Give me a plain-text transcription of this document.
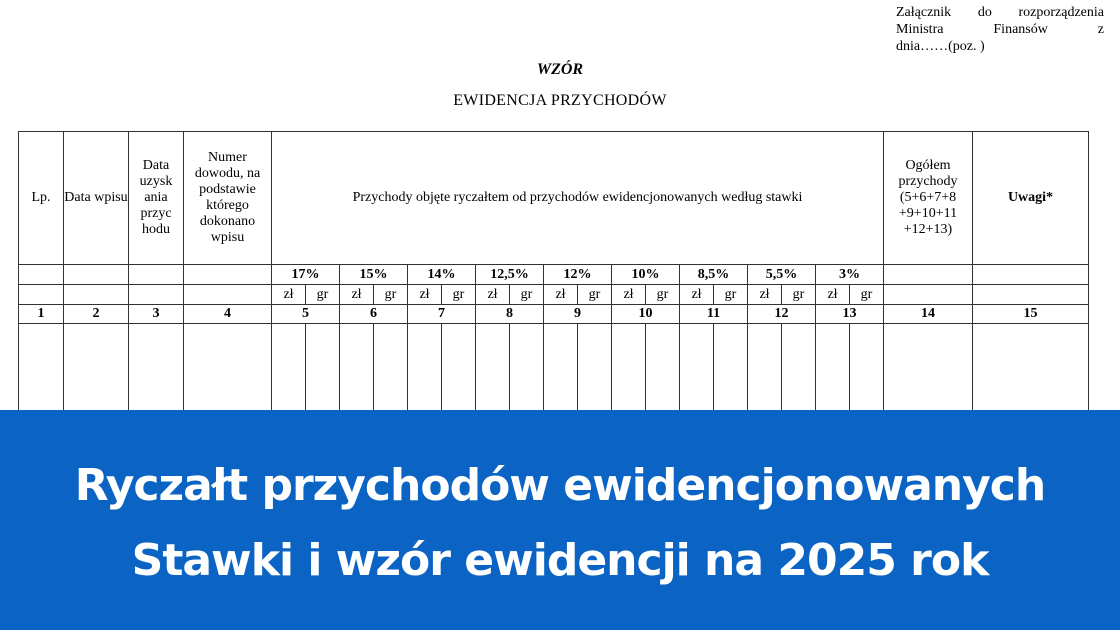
Załącznik do rozporządzenia
Ministra Finansów z
dnia……(poz. )
WZÓR
EWIDENCJA PRZYCHODÓW
Lp.	Data wpisu	Data uzysk ania przyc hodu	Numer dowodu, na podstawie którego dokonano wpisu	Przychody objęte ryczałtem od przychodów ewidencjonowanych według stawki																		Ogółem przychody (5+6+7+8 +9+10+11 +12+13)	Uwagi*
				17%		15%		14%		12,5%		12%		10%		8,5%		5,5%		3%			
				zł	gr	zł	gr	zł	gr	zł	gr	zł	gr	zł	gr	zł	gr	zł	gr	zł	gr		
1	2	3	4	5		6		7		8		9		10		11		12		13		14	15

Ryczałt przychodów ewidencjonowanych
Stawki i wzór ewidencji na 2025 rok
